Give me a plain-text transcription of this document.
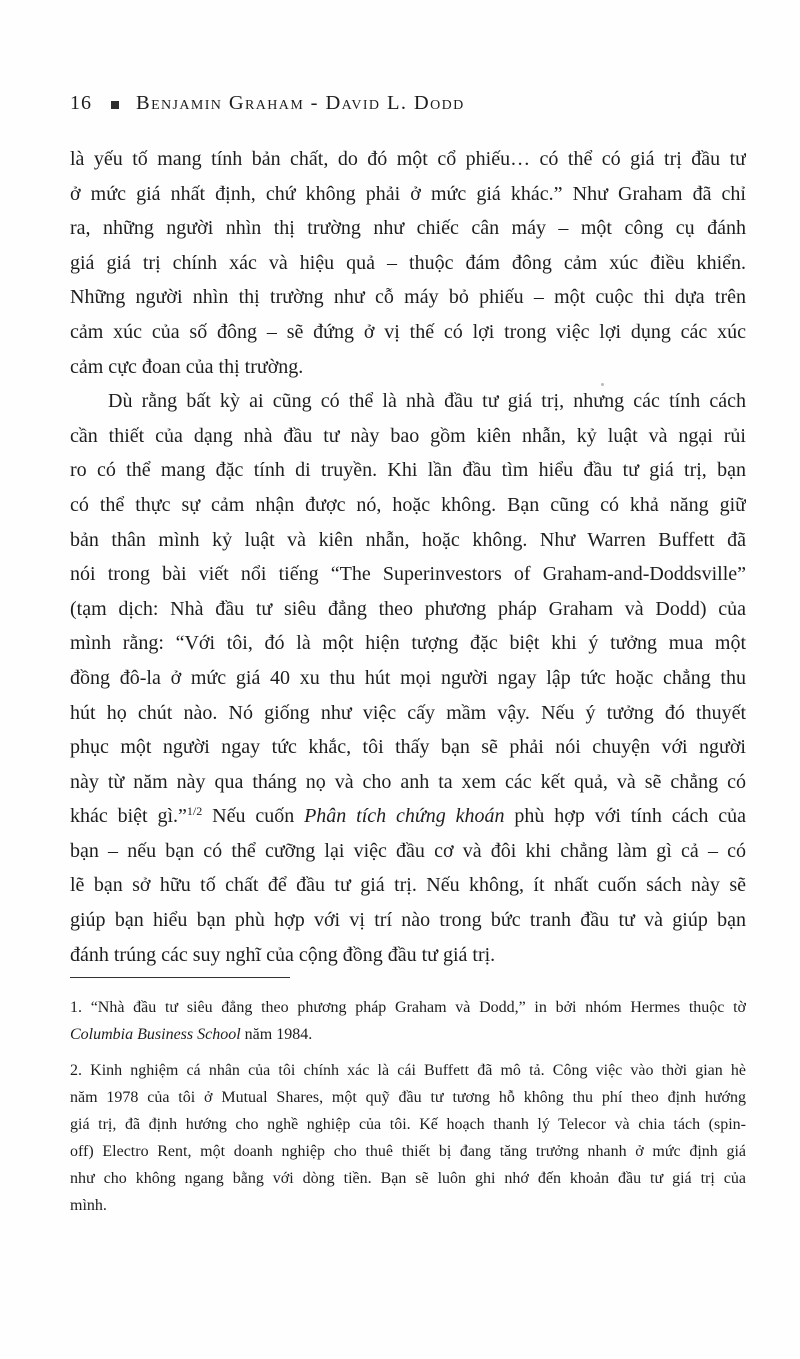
16 Benjamin Graham - David L. Dodd
là yếu tố mang tính bản chất, do đó một cổ phiếu… có thể có giá trị đầu tư
ở mức giá nhất định, chứ không phải ở mức giá khác.” Như Graham đã chỉ
ra, những người nhìn thị trường như chiếc cân máy – một công cụ đánh
giá giá trị chính xác và hiệu quả – thuộc đám đông cảm xúc điều khiển.
Những người nhìn thị trường như cỗ máy bỏ phiếu – một cuộc thi dựa trên
cảm xúc của số đông – sẽ đứng ở vị thế có lợi trong việc lợi dụng các xúc
cảm cực đoan của thị trường.
Dù rằng bất kỳ ai cũng có thể là nhà đầu tư giá trị, nhưng các tính cách
cần thiết của dạng nhà đầu tư này bao gồm kiên nhẫn, kỷ luật và ngại rủi
ro có thể mang đặc tính di truyền. Khi lần đầu tìm hiểu đầu tư giá trị, bạn
có thể thực sự cảm nhận được nó, hoặc không. Bạn cũng có khả năng giữ
bản thân mình kỷ luật và kiên nhẫn, hoặc không. Như Warren Buffett đã
nói trong bài viết nổi tiếng “The Superinvestors of Graham-and-Doddsville”
(tạm dịch: Nhà đầu tư siêu đẳng theo phương pháp Graham và Dodd) của
mình rằng: “Với tôi, đó là một hiện tượng đặc biệt khi ý tưởng mua một
đồng đô-la ở mức giá 40 xu thu hút mọi người ngay lập tức hoặc chẳng thu
hút họ chút nào. Nó giống như việc cấy mầm vậy. Nếu ý tưởng đó thuyết
phục một người ngay tức khắc, tôi thấy bạn sẽ phải nói chuyện với người
này từ năm này qua tháng nọ và cho anh ta xem các kết quả, và sẽ chẳng có
khác biệt gì.”$^{1/2}$ Nếu cuốn Phân tích chứng khoán phù hợp với tính cách của
bạn – nếu bạn có thể cưỡng lại việc đầu cơ và đôi khi chẳng làm gì cả – có
lẽ bạn sở hữu tố chất để đầu tư giá trị. Nếu không, ít nhất cuốn sách này sẽ
giúp bạn hiểu bạn phù hợp với vị trí nào trong bức tranh đầu tư và giúp bạn
đánh trúng các suy nghĩ của cộng đồng đầu tư giá trị.
1. “Nhà đầu tư siêu đẳng theo phương pháp Graham và Dodd,” in bởi nhóm Hermes thuộc tờ
Columbia Business School năm 1984.
2. Kinh nghiệm cá nhân của tôi chính xác là cái Buffett đã mô tả. Công việc vào thời gian hè
năm 1978 của tôi ở Mutual Shares, một quỹ đầu tư tương hỗ không thu phí theo định hướng
giá trị, đã định hướng cho nghề nghiệp của tôi. Kế hoạch thanh lý Telecor và chia tách (spin-
off) Electro Rent, một doanh nghiệp cho thuê thiết bị đang tăng trưởng nhanh ở mức định giá
như cho không ngang bằng với dòng tiền. Bạn sẽ luôn ghi nhớ đến khoản đầu tư giá trị của
mình.
